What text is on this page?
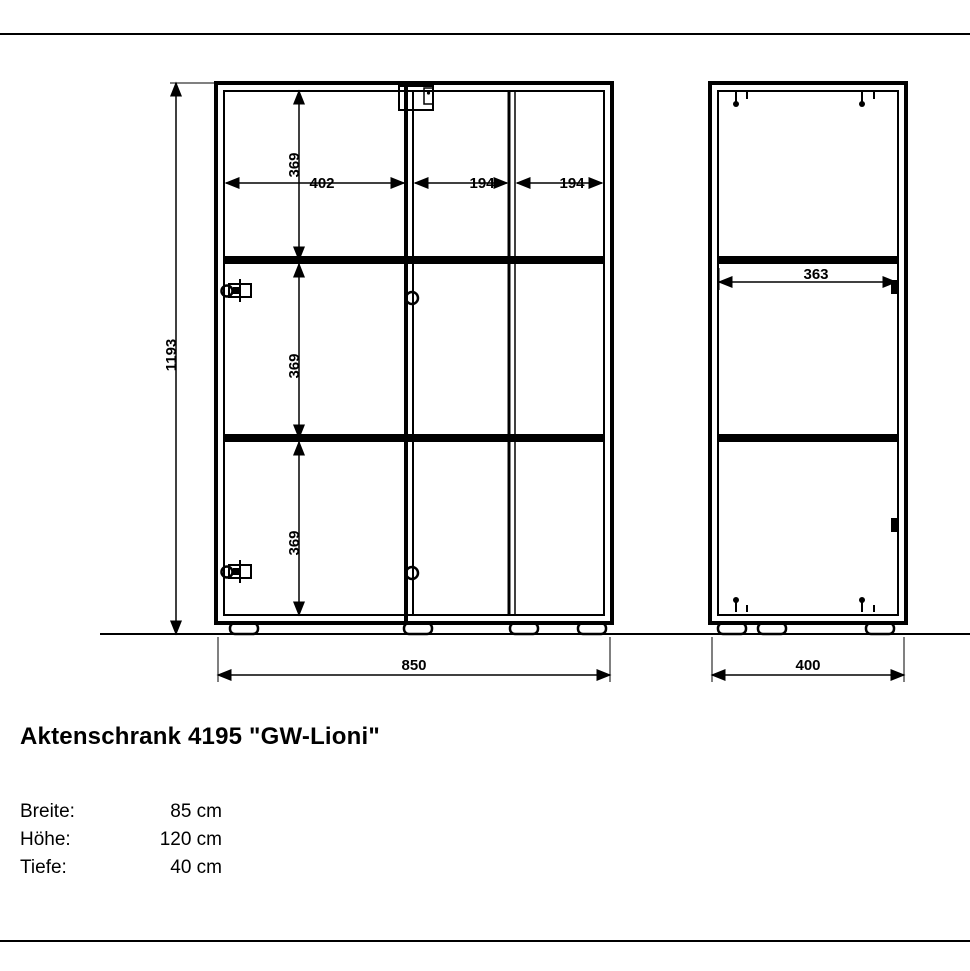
1193
850
369
369
369
402	194	194
400
363
Aktenschrank 4195 "GW-Lioni"
Breite:	85 cm
Höhe:	120 cm
Tiefe:	40 cm
